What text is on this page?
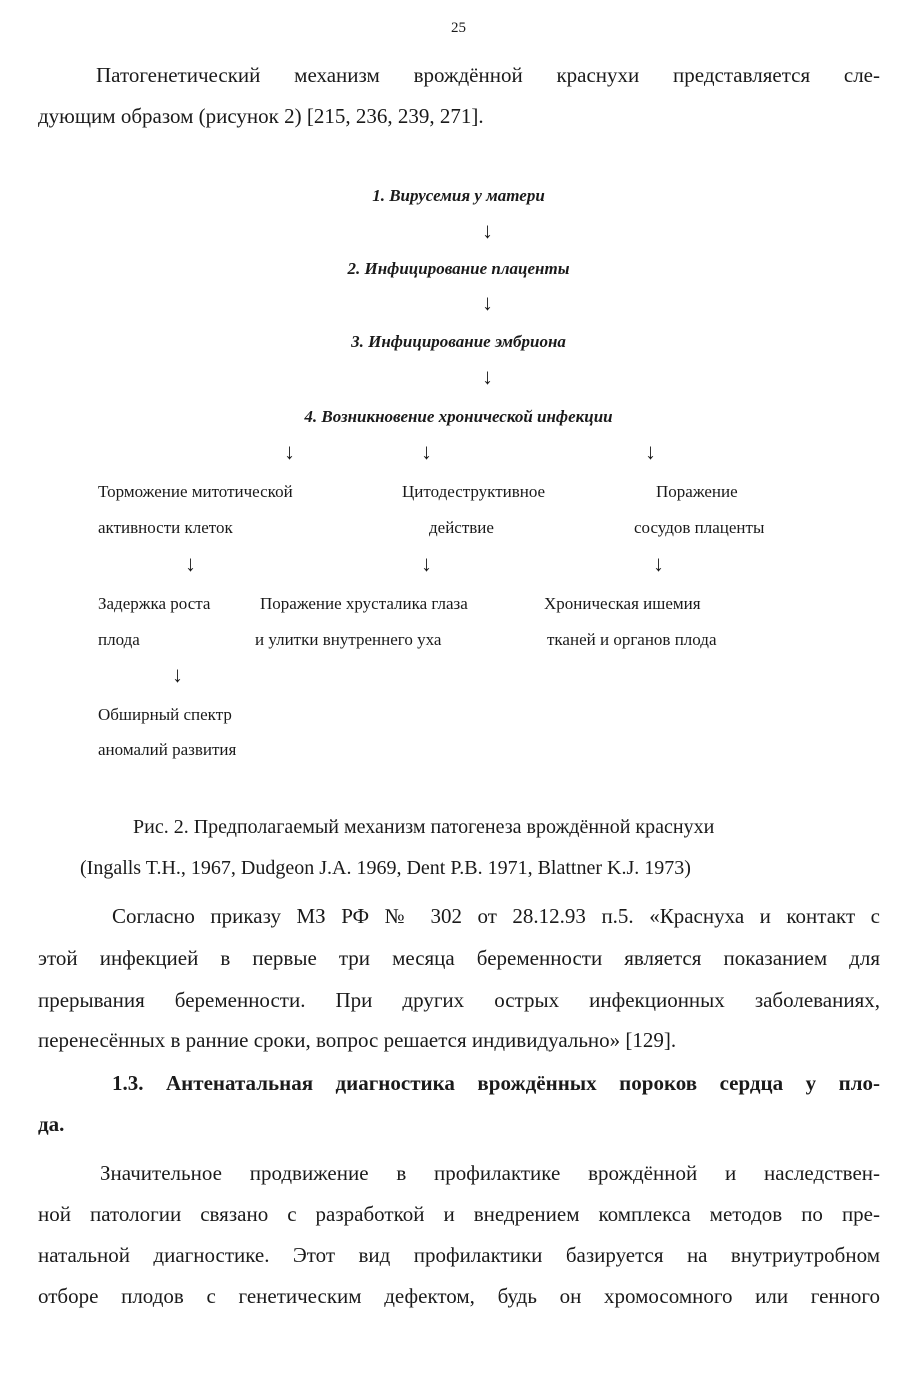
25
Патогенетический механизм врождённой краснухи представляется сле-
дующим образом (рисунок 2) [215, 236, 239, 271].
1. Вирусемия у матери
↓
2. Инфицирование плаценты
↓
3. Инфицирование эмбриона
↓
4. Возникновение хронической инфекции
↓	↓	↓
Торможение митотической
активности клеток
Цитодеструктивное
действие
Поражение
сосудов плаценты
↓	↓	↓
Задержка роста
плода
Поражение хрусталика глаза
и улитки внутреннего уха
Хроническая ишемия
тканей и органов плода
↓
Обширный спектр
аномалий развития
Рис. 2. Предполагаемый механизм патогенеза врождённой краснухи
(Ingalls T.H., 1967, Dudgeon J.A. 1969, Dent P.B. 1971, Blattner K.J. 1973)
Согласно приказу МЗ РФ № 302 от 28.12.93 п.5. «Краснуха и контакт с
этой инфекцией в первые три месяца беременности является показанием для
прерывания беременности. При других острых инфекционных заболеваниях,
перенесённых в ранние сроки, вопрос решается индивидуально» [129].
1.3. Антенатальная диагностика врождённых пороков сердца у пло-
да.
Значительное продвижение в профилактике врождённой и наследствен-
ной патологии связано с разработкой и внедрением комплекса методов по пре-
натальной диагностике. Этот вид профилактики базируется на внутриутробном
отборе плодов с генетическим дефектом, будь он хромосомного или генного
